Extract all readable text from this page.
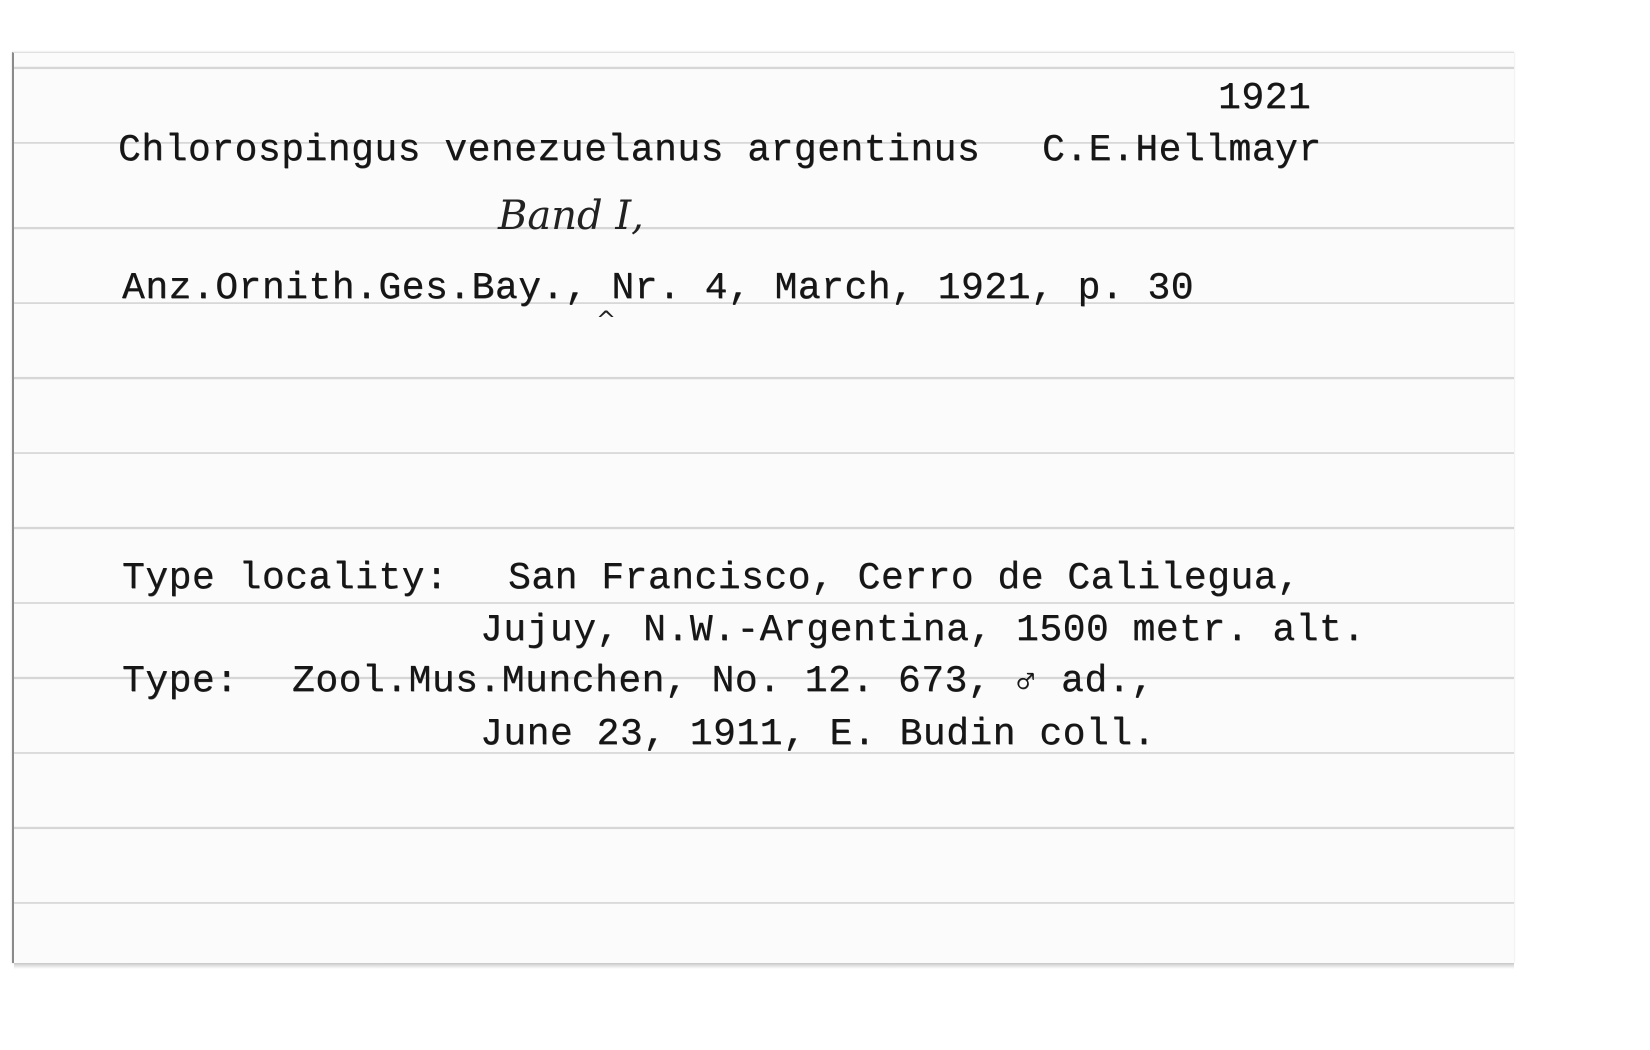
1921
Chlorospingus venezuelanus argentinus C.E.Hellmayr
Band I,
Anz.Ornith.Ges.Bay., Nr. 4, March, 1921, p. 30
^
Type locality: San Francisco, Cerro de Calilegua,
Jujuy, N.W.-Argentina, 1500 metr. alt.
Type: Zool.Mus.Munchen, No. 12. 673, ♂ ad.,
June 23, 1911, E. Budin coll.
